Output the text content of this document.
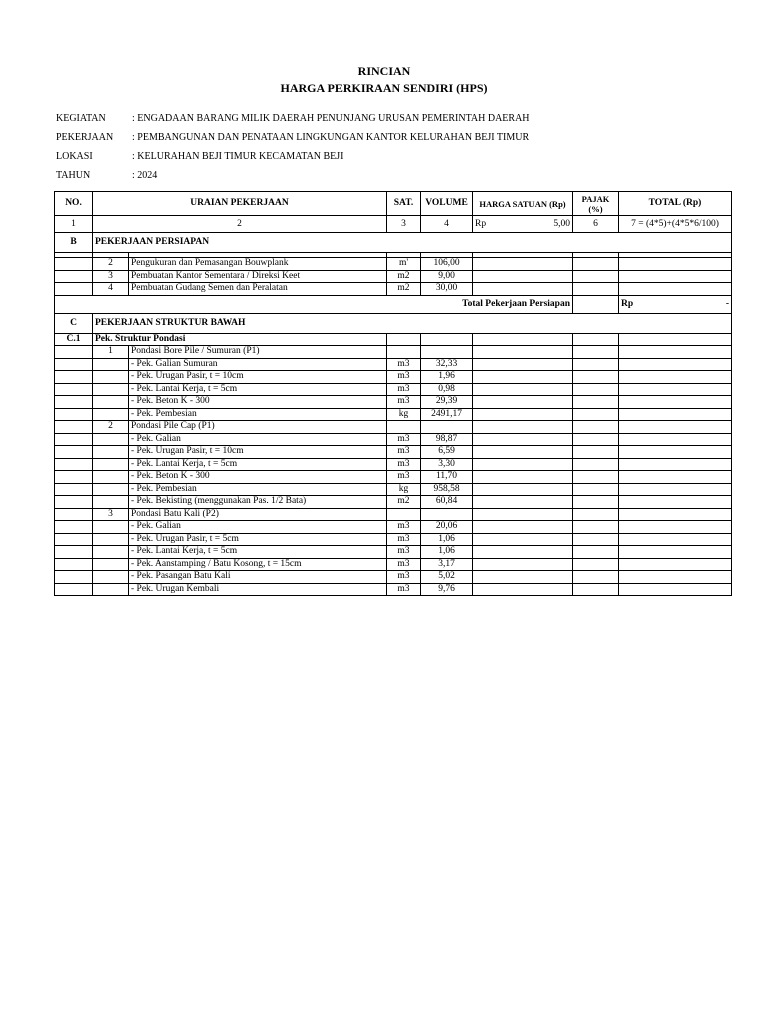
RINCIAN
HARGA PERKIRAAN SENDIRI (HPS)
KEGIATAN	: ENGADAAN BARANG MILIK DAERAH PENUNJANG URUSAN PEMERINTAH DAERAH
PEKERJAAN	: PEMBANGUNAN DAN PENATAAN LINGKUNGAN KANTOR KELURAHAN BEJI TIMUR
LOKASI	: KELURAHAN BEJI TIMUR KECAMATAN BEJI
TAHUN	: 2024
NO.	URAIAN PEKERJAAN		SAT.	VOLUME	HARGA SATUAN (Rp)	PAJAK (%)	TOTAL (Rp)
1	2		3	4	Rp 5,00	6	7 = (4*5)+(4*5*6/100)
B	PEKERJAAN PERSIAPAN						

	2	Pengukuran dan Pemasangan Bouwplank	m'	106,00			
	3	Pembuatan Kantor Sementara / Direksi Keet	m2	9,00			
	4	Pembuatan Gudang Semen dan Peralatan	m2	30,00			
Total Pekerjaan Persiapan							Rp -

C	PEKERJAAN STRUKTUR BAWAH						
C.1	Pek. Struktur Pondasi						
	1	Pondasi Bore Pile / Sumuran (P1)					
		- Pek. Galian Sumuran	m3	32,33			
		- Pek. Urugan Pasir, t = 10cm	m3	1,96			
		- Pek. Lantai Kerja, t = 5cm	m3	0,98			
		- Pek. Beton K - 300	m3	29,39			
		- Pek. Pembesian	kg	2491,17			
	2	Pondasi Pile Cap (P1)					
		- Pek. Galian	m3	98,87			
		- Pek. Urugan Pasir, t = 10cm	m3	6,59			
		- Pek. Lantai Kerja, t = 5cm	m3	3,30			
		- Pek. Beton K - 300	m3	11,70			
		- Pek. Pembesian	kg	958,58			
		- Pek. Bekisting (menggunakan Pas. 1/2 Bata)	m2	60,84			
	3	Pondasi Batu Kali (P2)					
		- Pek. Galian	m3	20,06			
		- Pek. Urugan Pasir, t = 5cm	m3	1,06			
		- Pek. Lantai Kerja, t = 5cm	m3	1,06			
		- Pek. Aanstamping / Batu Kosong, t = 15cm	m3	3,17			
		- Pek. Pasangan Batu Kali	m3	5,02			
		- Pek. Urugan Kembali	m3	9,76			
